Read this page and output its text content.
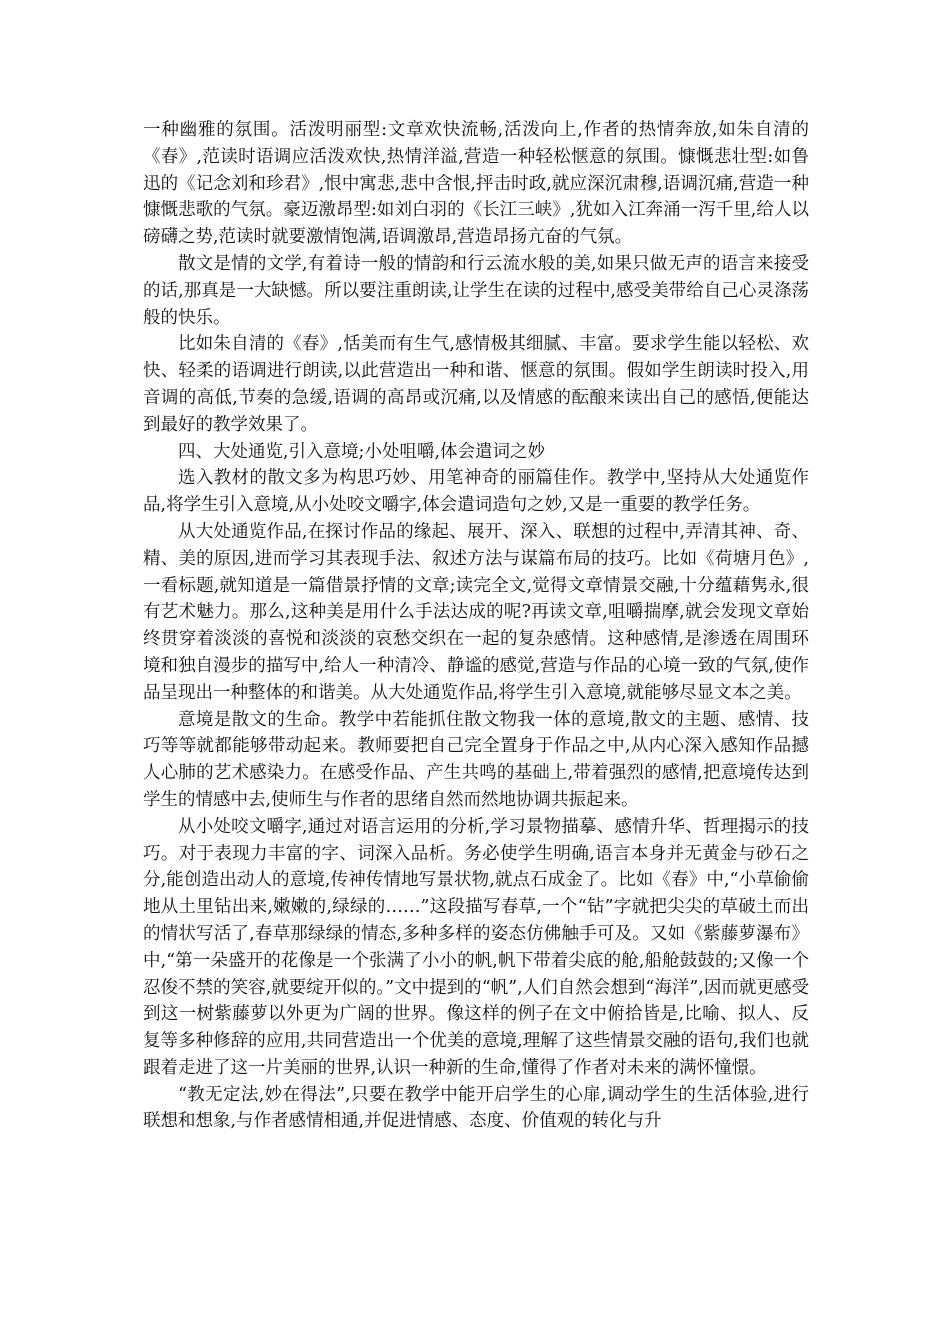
一种幽雅的氛围。活泼明丽型:文章欢快流畅,活泼向上,作者的热情奔放,如朱自清的《春》,范读时语调应活泼欢快,热情洋溢,营造一种轻松惬意的氛围。慷慨悲壮型:如鲁迅的《记念刘和珍君》,恨中寓悲,悲中含恨,抨击时政,就应深沉肃穆,语调沉痛,营造一种慷慨悲歌的气氛。豪迈激昂型:如刘白羽的《长江三峡》,犹如入江奔涌一泻千里,给人以磅礴之势,范读时就要激情饱满,语调激昂,营造昂扬亢奋的气氛。

散文是情的文学,有着诗一般的情韵和行云流水般的美,如果只做无声的语言来接受的话,那真是一大缺憾。所以要注重朗读,让学生在读的过程中,感受美带给自己心灵涤荡般的快乐。

比如朱自清的《春》,恬美而有生气,感情极其细腻、丰富。要求学生能以轻松、欢快、轻柔的语调进行朗读,以此营造出一种和谐、惬意的氛围。假如学生朗读时投入,用音调的高低,节奏的急缓,语调的高昂或沉痛,以及情感的酝酿来读出自己的感悟,便能达到最好的教学效果了。

四、大处通览,引入意境;小处咀嚼,体会遣词之妙

选入教材的散文多为构思巧妙、用笔神奇的丽篇佳作。教学中,坚持从大处通览作品,将学生引入意境,从小处咬文嚼字,体会遣词造句之妙,又是一重要的教学任务。

从大处通览作品,在探讨作品的缘起、展开、深入、联想的过程中,弄清其神、奇、精、美的原因,进而学习其表现手法、叙述方法与谋篇布局的技巧。比如《荷塘月色》,一看标题,就知道是一篇借景抒情的文章;读完全文,觉得文章情景交融,十分蕴藉隽永,很有艺术魅力。那么,这种美是用什么手法达成的呢?再读文章,咀嚼揣摩,就会发现文章始终贯穿着淡淡的喜悦和淡淡的哀愁交织在一起的复杂感情。这种感情,是渗透在周围环境和独自漫步的描写中,给人一种清冷、静谧的感觉,营造与作品的心境一致的气氛,使作品呈现出一种整体的和谐美。从大处通览作品,将学生引入意境,就能够尽显文本之美。

意境是散文的生命。教学中若能抓住散文物我一体的意境,散文的主题、感情、技巧等等就都能够带动起来。教师要把自己完全置身于作品之中,从内心深入感知作品撼人心肺的艺术感染力。在感受作品、产生共鸣的基础上,带着强烈的感情,把意境传达到学生的情感中去,使师生与作者的思绪自然而然地协调共振起来。

从小处咬文嚼字,通过对语言运用的分析,学习景物描摹、感情升华、哲理揭示的技巧。对于表现力丰富的字、词深入品析。务必使学生明确,语言本身并无黄金与砂石之分,能创造出动人的意境,传神传情地写景状物,就点石成金了。比如《春》中,“小草偷偷地从土里钻出来,嫩嫩的,绿绿的……”这段描写春草,一个“钻”字就把尖尖的草破土而出的情状写活了,春草那绿绿的情态,多种多样的姿态仿佛触手可及。又如《紫藤萝瀑布》中,“第一朵盛开的花像是一个张满了小小的帆,帆下带着尖底的舱,船舱鼓鼓的;又像一个忍俊不禁的笑容,就要绽开似的。”文中提到的“帆”,人们自然会想到“海洋”,因而就更感受到这一树紫藤萝以外更为广阔的世界。像这样的例子在文中俯拾皆是,比喻、拟人、反复等多种修辞的应用,共同营造出一个优美的意境,理解了这些情景交融的语句,我们也就跟着走进了这一片美丽的世界,认识一种新的生命,懂得了作者对未来的满怀憧憬。

“教无定法,妙在得法”,只要在教学中能开启学生的心扉,调动学生的生活体验,进行联想和想象,与作者感情相通,并促进情感、态度、价值观的转化与升
